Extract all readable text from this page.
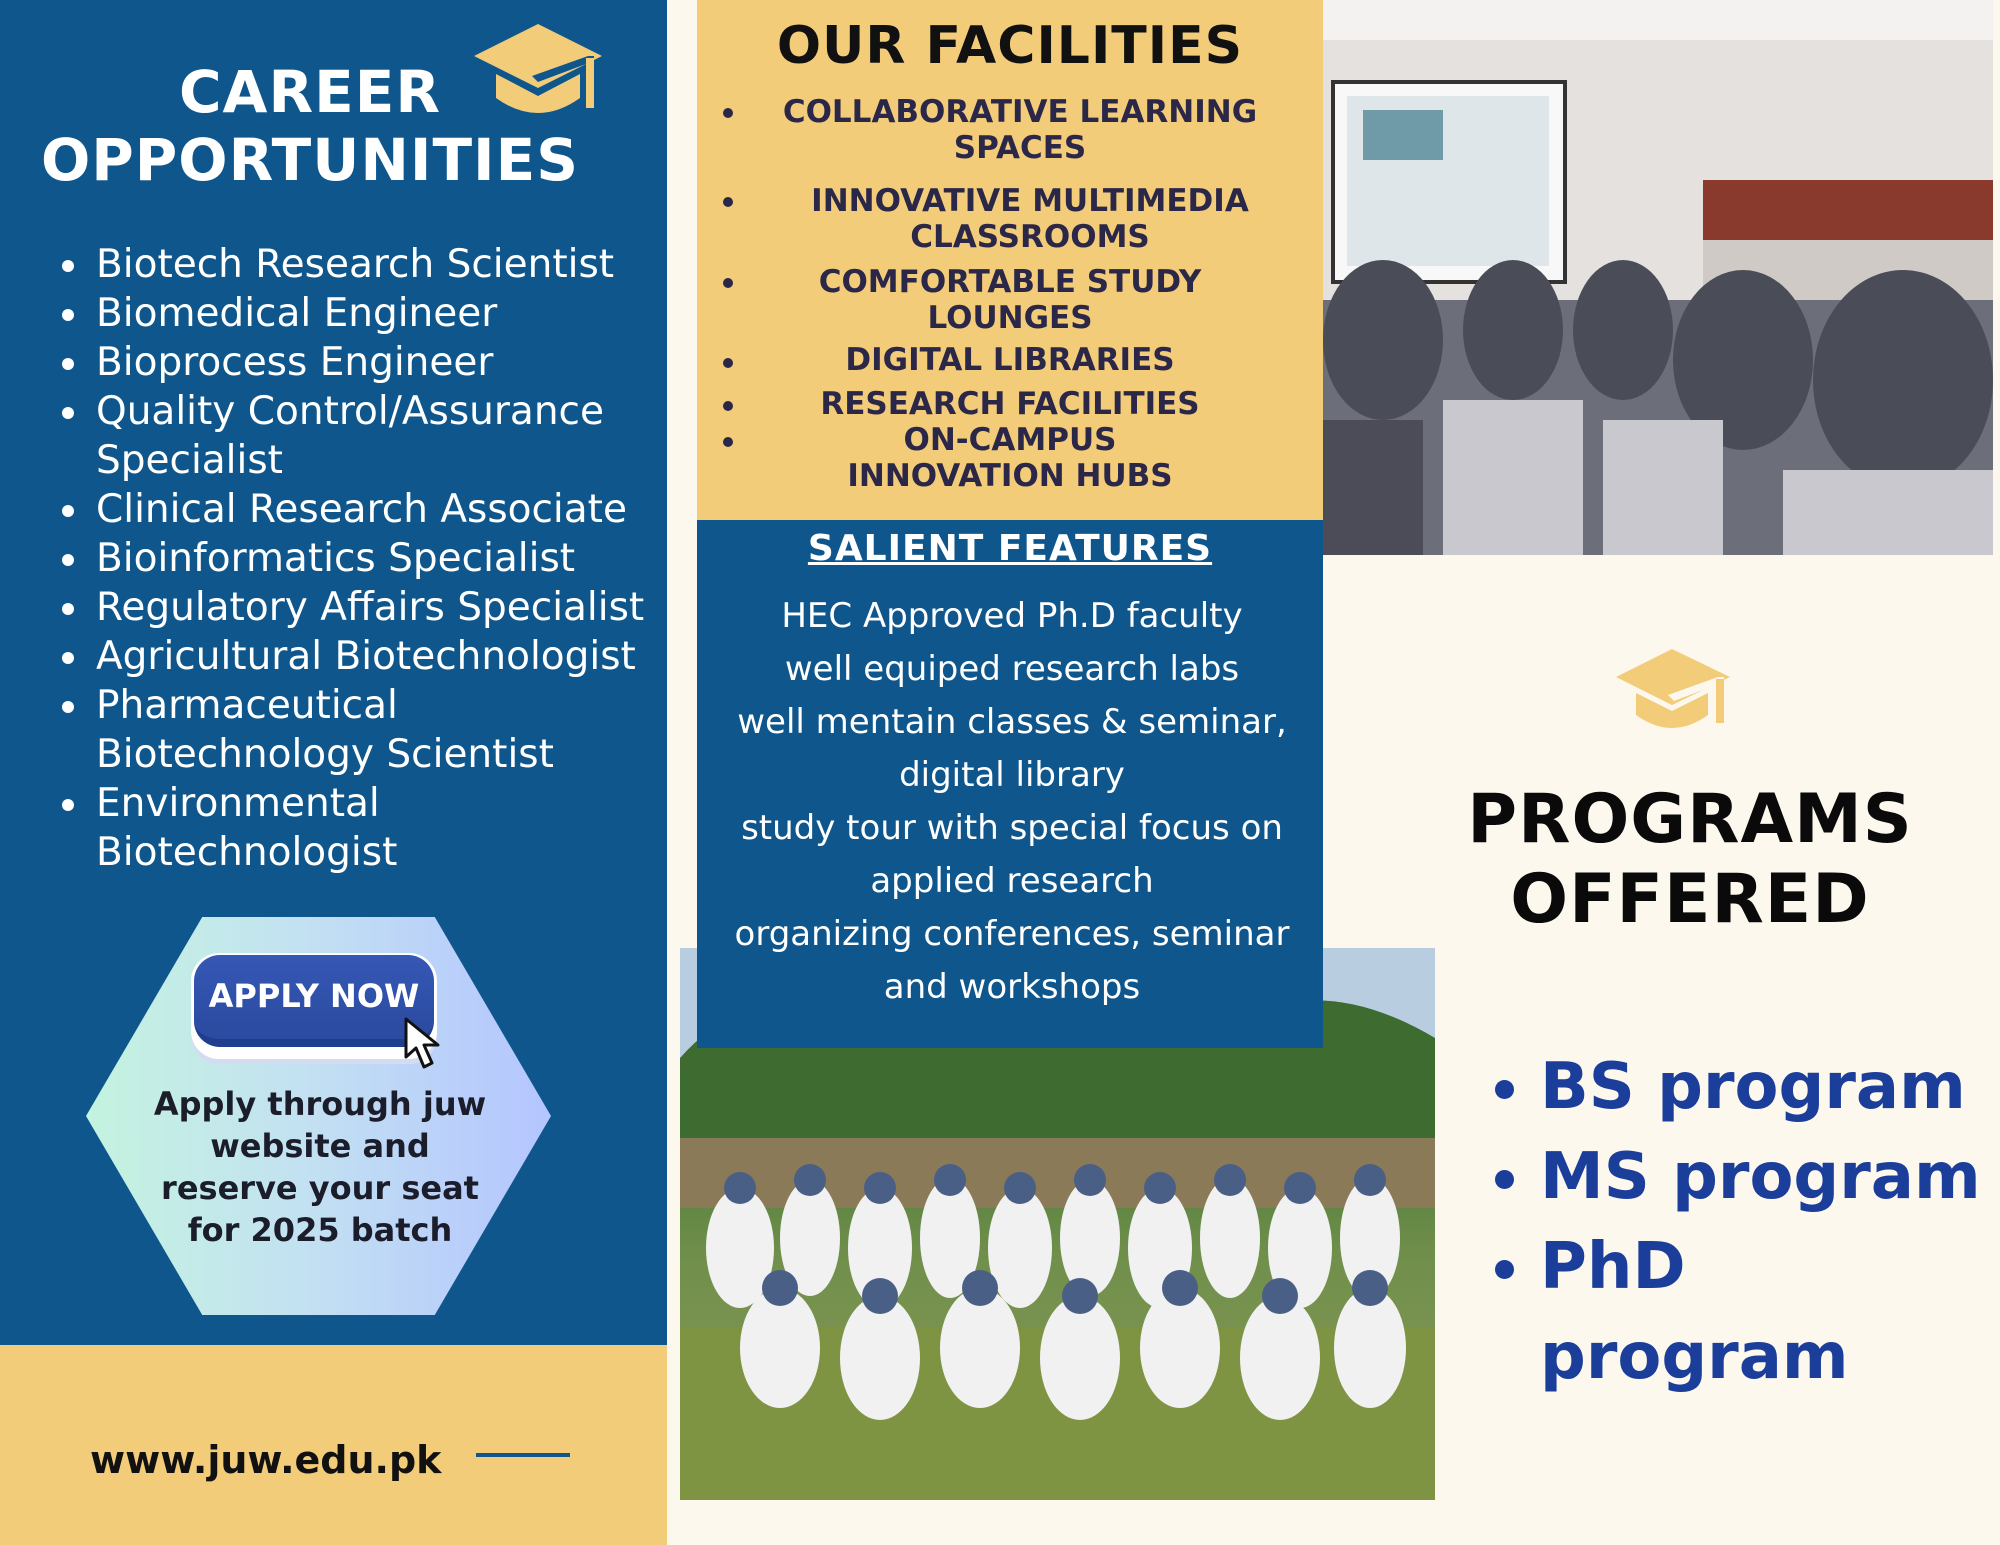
CAREER OPPORTUNITIES
• Biotech Research Scientist
• Biomedical Engineer
• Bioprocess Engineer
• Quality Control/Assurance Specialist
• Clinical Research Associate
• Bioinformatics Specialist
• Regulatory Affairs Specialist
• Agricultural Biotechnologist
• Pharmaceutical Biotechnology Scientist
• Environmental Biotechnologist
APPLY NOW
Apply through juw website and reserve your seat for 2025 batch
www.juw.edu.pk
OUR FACILITIES
COLLABORATIVE LEARNING SPACES
INNOVATIVE MULTIMEDIA CLASSROOMS
COMFORTABLE STUDY LOUNGES
DIGITAL LIBRARIES
RESEARCH FACILITIES
ON-CAMPUS INNOVATION HUBS
SALIENT FEATURES
HEC Approved Ph.D faculty
well equiped research labs
well mentain classes & seminar,
digital library
study tour with special focus on
applied research
organizing conferences, seminar
and workshops
PROGRAMS OFFERED
• BS program
• MS program
• PhD program
